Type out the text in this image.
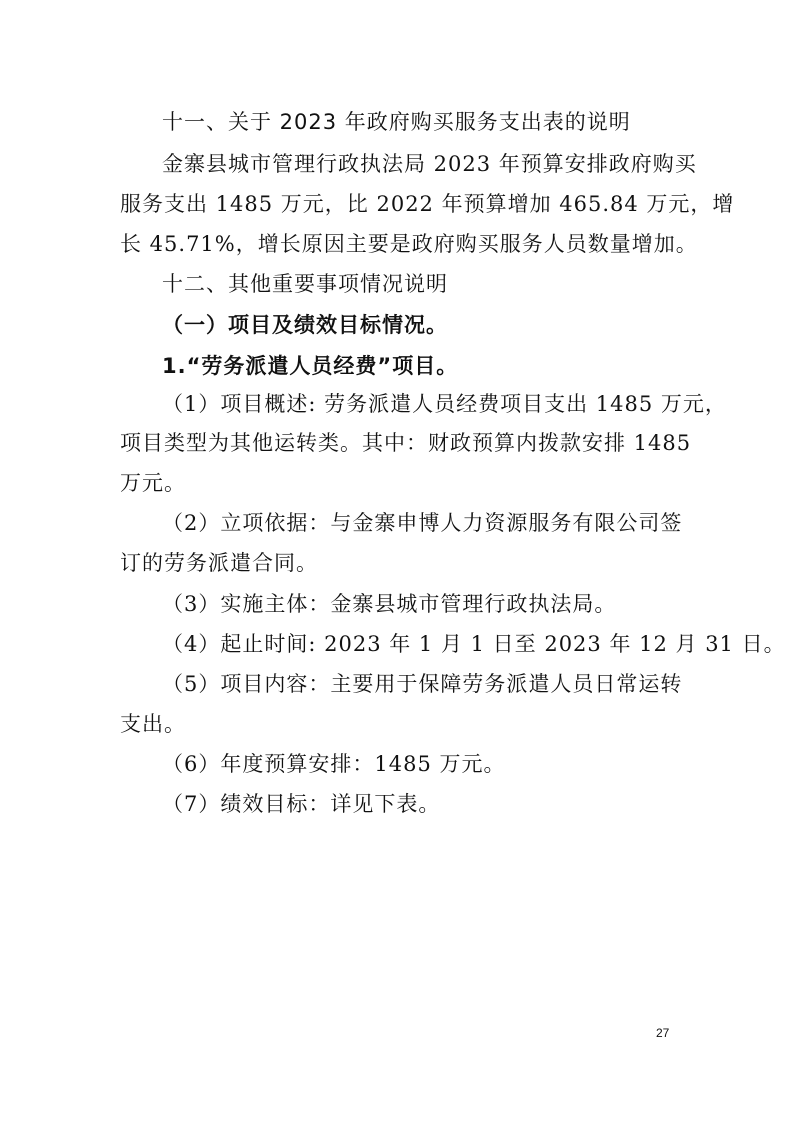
十一、关于 2023 年政府购买服务支出表的说明
金寨县城市管理行政执法局 2023 年预算安排政府购买
服务支出 1485 万元，比 2022 年预算增加 465.84 万元，增
长 45.71%，增长原因主要是政府购买服务人员数量增加。
十二、其他重要事项情况说明
（一）项目及绩效目标情况。
1.“劳务派遣人员经费”项目。
（1）项目概述: 劳务派遣人员经费项目支出 1485 万元，
项目类型为其他运转类。其中：财政预算内拨款安排 1485
万元。
（2）立项依据：与金寨申博人力资源服务有限公司签
订的劳务派遣合同。
（3）实施主体：金寨县城市管理行政执法局。
（4）起止时间: 2023 年 1 月 1 日至 2023 年 12 月 31 日。
（5）项目内容：主要用于保障劳务派遣人员日常运转
支出。
（6）年度预算安排：1485 万元。
（7）绩效目标：详见下表。
27
